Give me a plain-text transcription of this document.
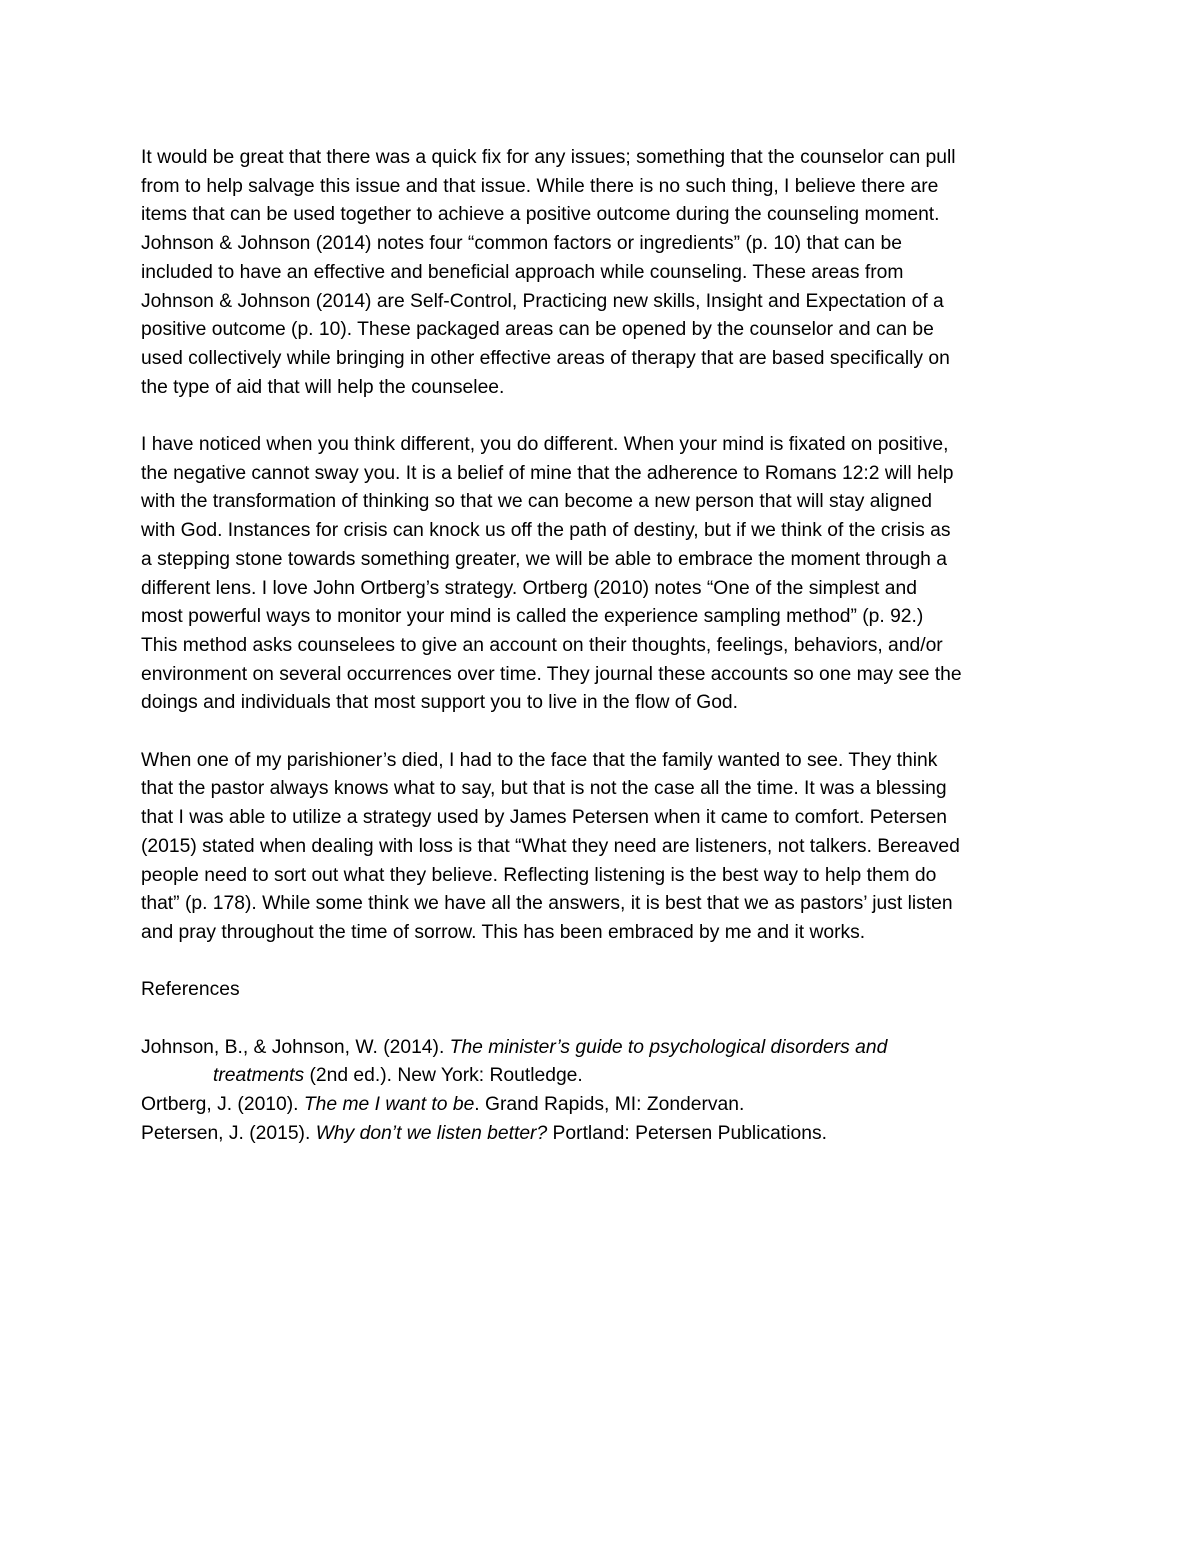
It would be great that there was a quick fix for any issues; something that the counselor can pull
from to help salvage this issue and that issue. While there is no such thing, I believe there are
items that can be used together to achieve a positive outcome during the counseling moment.
Johnson & Johnson (2014) notes four “common factors or ingredients” (p. 10) that can be
included to have an effective and beneficial approach while counseling. These areas from
Johnson & Johnson (2014) are Self-Control, Practicing new skills, Insight and Expectation of a
positive outcome (p. 10). These packaged areas can be opened by the counselor and can be
used collectively while bringing in other effective areas of therapy that are based specifically on
the type of aid that will help the counselee.

I have noticed when you think different, you do different. When your mind is fixated on positive,
the negative cannot sway you. It is a belief of mine that the adherence to Romans 12:2 will help
with the transformation of thinking so that we can become a new person that will stay aligned
with God. Instances for crisis can knock us off the path of destiny, but if we think of the crisis as
a stepping stone towards something greater, we will be able to embrace the moment through a
different lens. I love John Ortberg’s strategy. Ortberg (2010) notes “One of the simplest and
most powerful ways to monitor your mind is called the experience sampling method” (p. 92.)
This method asks counselees to give an account on their thoughts, feelings, behaviors, and/or
environment on several occurrences over time. They journal these accounts so one may see the
doings and individuals that most support you to live in the flow of God.

When one of my parishioner’s died, I had to the face that the family wanted to see. They think
that the pastor always knows what to say, but that is not the case all the time. It was a blessing
that I was able to utilize a strategy used by James Petersen when it came to comfort. Petersen
(2015) stated when dealing with loss is that “What they need are listeners, not talkers. Bereaved
people need to sort out what they believe. Reflecting listening is the best way to help them do
that” (p. 178). While some think we have all the answers, it is best that we as pastors’ just listen
and pray throughout the time of sorrow. This has been embraced by me and it works.

References

Johnson, B., & Johnson, W. (2014). The minister’s guide to psychological disorders and
treatments (2nd ed.). New York: Routledge.
Ortberg, J. (2010). The me I want to be. Grand Rapids, MI: Zondervan.
Petersen, J. (2015). Why don’t we listen better? Portland: Petersen Publications.
